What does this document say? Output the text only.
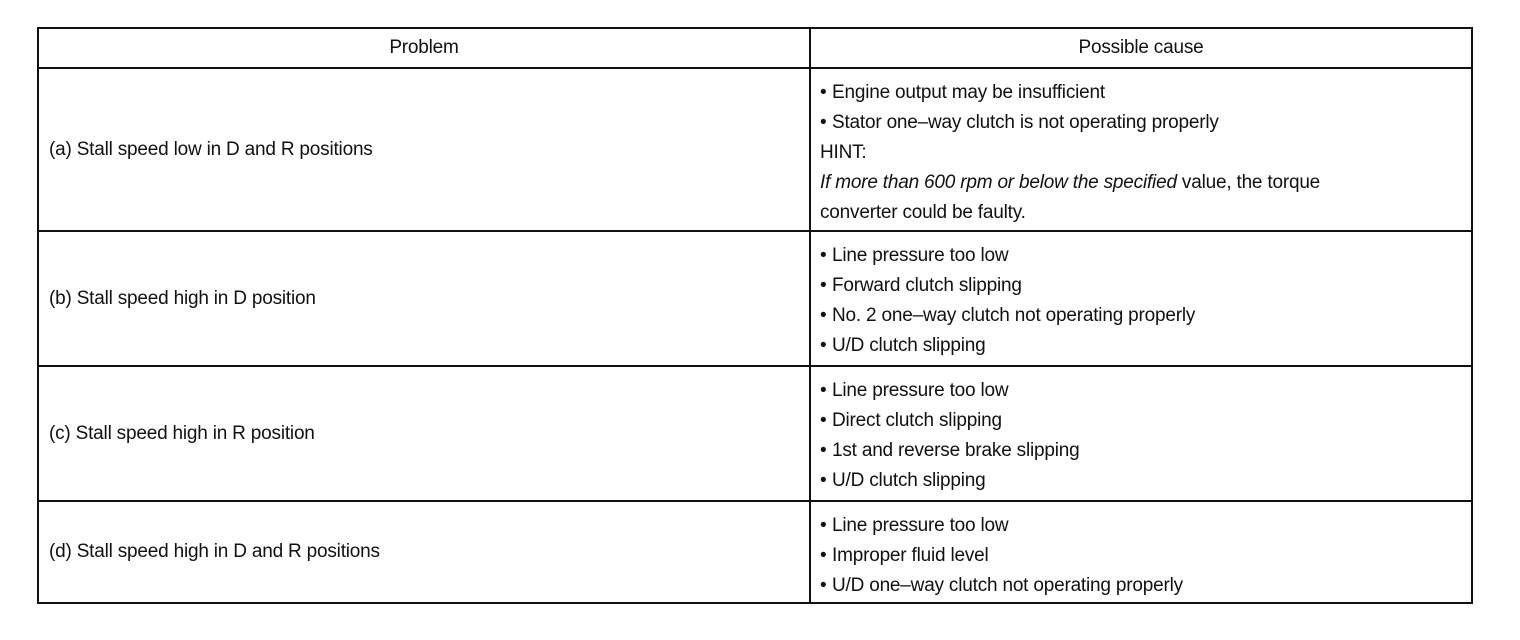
Problem	Possible cause
(a) Stall speed low in D and R positions
• Engine output may be insufficient
• Stator one–way clutch is not operating properly
HINT:
If more than 600 rpm or below the specified value, the torque
converter could be faulty.
(b) Stall speed high in D position
• Line pressure too low
• Forward clutch slipping
• No. 2 one–way clutch not operating properly
• U/D clutch slipping
(c) Stall speed high in R position
• Line pressure too low
• Direct clutch slipping
• 1st and reverse brake slipping
• U/D clutch slipping
(d) Stall speed high in D and R positions
• Line pressure too low
• Improper fluid level
• U/D one–way clutch not operating properly
